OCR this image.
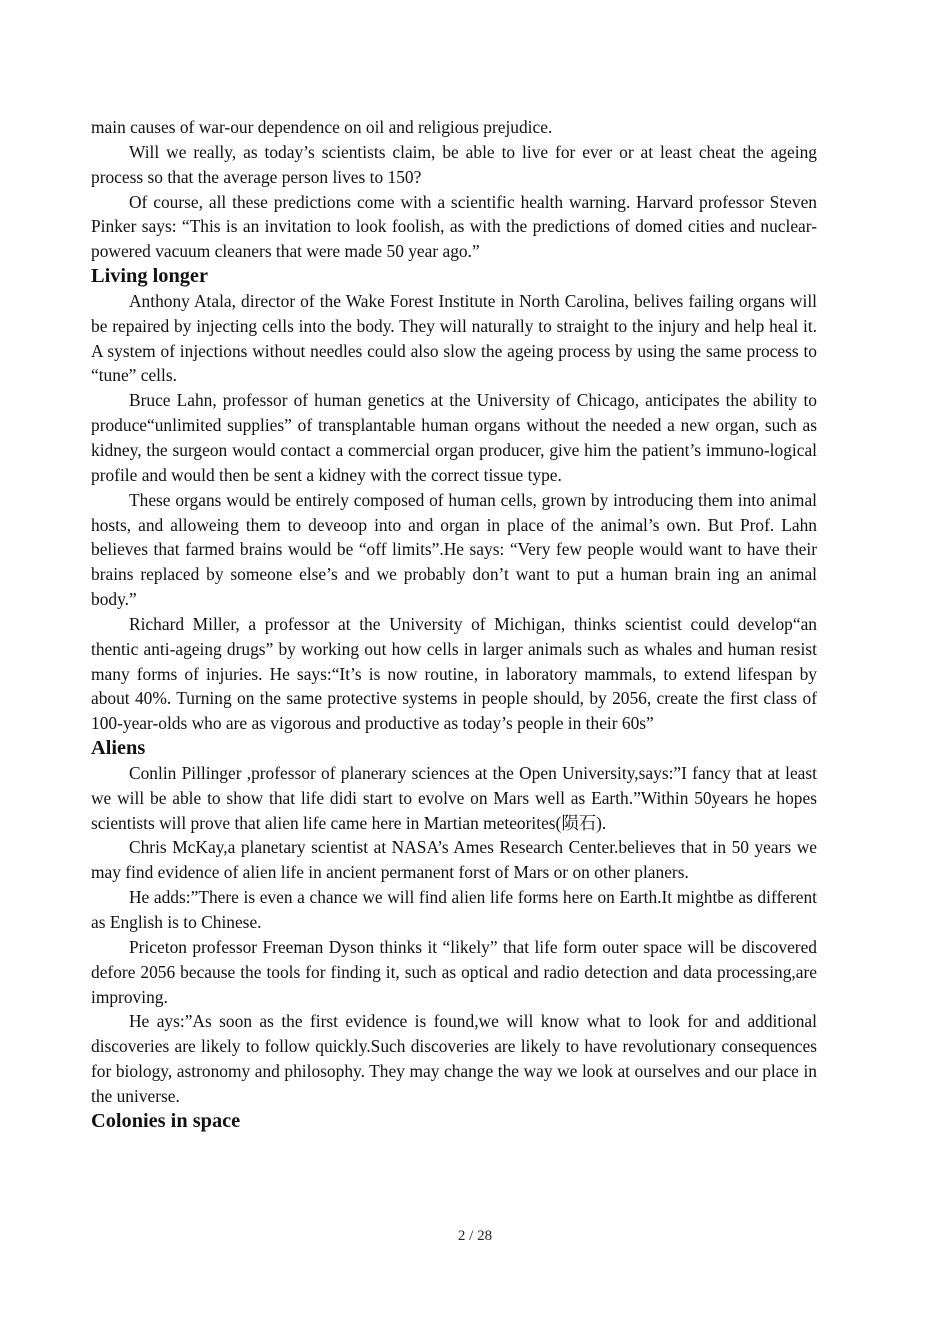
main causes of war-our dependence on oil and religious prejudice.

Will we really, as today’s scientists claim, be able to live for ever or at least cheat the ageing process so that the average person lives to 150?

Of course, all these predictions come with a scientific health warning. Harvard professor Steven Pinker says: “This is an invitation to look foolish, as with the predictions of domed cities and nuclear-powered vacuum cleaners that were made 50 year ago.”

Living longer

Anthony Atala, director of the Wake Forest Institute in North Carolina, belives failing organs will be repaired by injecting cells into the body. They will naturally to straight to the injury and help heal it. A system of injections without needles could also slow the ageing process by using the same process to “tune” cells.

Bruce Lahn, professor of human genetics at the University of Chicago, anticipates the ability to produce“unlimited supplies” of transplantable human organs without the needed a new organ, such as kidney, the surgeon would contact a commercial organ producer, give him the patient’s immuno-logical profile and would then be sent a kidney with the correct tissue type.

These organs would be entirely composed of human cells, grown by introducing them into animal hosts, and alloweing them to deveoop into and organ in place of the animal’s own. But Prof. Lahn believes that farmed brains would be “off limits”.He says: “Very few people would want to have their brains replaced by someone else’s and we probably don’t want to put a human brain ing an animal body.”

Richard Miller, a professor at the University of Michigan, thinks scientist could develop“an thentic anti-ageing drugs” by working out how cells in larger animals such as whales and human resist many forms of injuries. He says:“It’s is now routine, in laboratory mammals, to extend lifespan by about 40%. Turning on the same protective systems in people should, by 2056, create the first class of 100-year-olds who are as vigorous and productive as today’s people in their 60s”

Aliens

Conlin Pillinger ,professor of planerary sciences at the Open University,says:”I fancy that at least we will be able to show that life didi start to evolve on Mars well as Earth.”Within 50years he hopes scientists will prove that alien life came here in Martian meteorites(陨石).

Chris McKay,a planetary scientist at NASA’s Ames Research Center.believes that in 50 years we may find evidence of alien life in ancient permanent forst of Mars or on other planers.

He adds:”There is even a chance we will find alien life forms here on Earth.It mightbe as different as English is to Chinese.

Priceton professor Freeman Dyson thinks it “likely” that life form outer space will be discovered defore 2056 because the tools for finding it, such as optical and radio detection and data processing,are improving.

He ays:”As soon as the first evidence is found,we will know what to look for and additional discoveries are likely to follow quickly.Such discoveries are likely to have revolutionary consequences for biology, astronomy and philosophy. They may change the way we look at ourselves and our place in the universe.

Colonies in space
2 / 28
